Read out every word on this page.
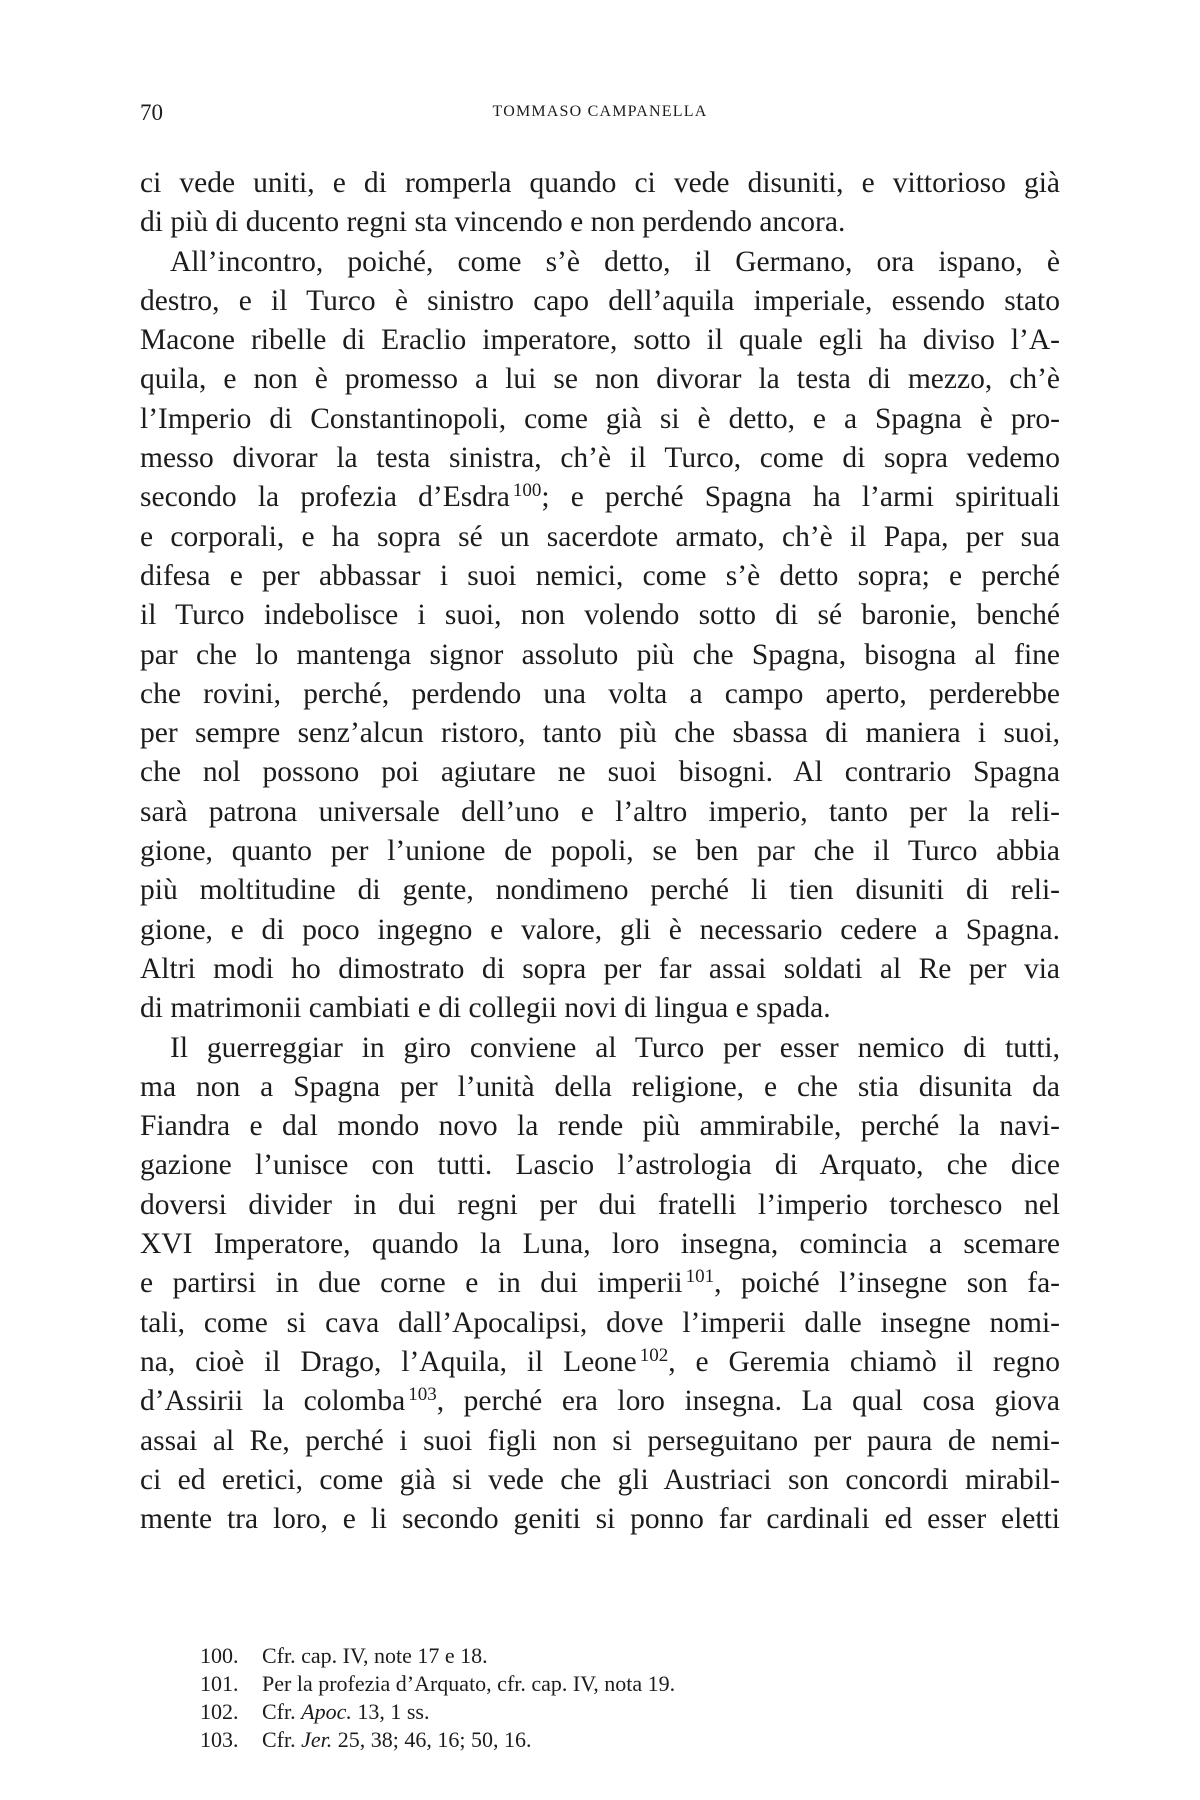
70	TOMMASO CAMPANELLA
ci vede uniti, e di romperla quando ci vede disuniti, e vittorioso già
di più di ducento regni sta vincendo e non perdendo ancora.
All’incontro, poiché, come s’è detto, il Germano, ora ispano, è
destro, e il Turco è sinistro capo dell’aquila imperiale, essendo stato
Macone ribelle di Eraclio imperatore, sotto il quale egli ha diviso l’A-
quila, e non è promesso a lui se non divorar la testa di mezzo, ch’è
l’Imperio di Constantinopoli, come già si è detto, e a Spagna è pro-
messo divorar la testa sinistra, ch’è il Turco, come di sopra vedemo
secondo la profezia d’Esdra $^{100}$; e perché Spagna ha l’armi spirituali
e corporali, e ha sopra sé un sacerdote armato, ch’è il Papa, per sua
difesa e per abbassar i suoi nemici, come s’è detto sopra; e perché
il Turco indebolisce i suoi, non volendo sotto di sé baronie, benché
par che lo mantenga signor assoluto più che Spagna, bisogna al fine
che rovini, perché, perdendo una volta a campo aperto, perderebbe
per sempre senz’alcun ristoro, tanto più che sbassa di maniera i suoi,
che nol possono poi agiutare ne suoi bisogni. Al contrario Spagna
sarà patrona universale dell’uno e l’altro imperio, tanto per la reli-
gione, quanto per l’unione de popoli, se ben par che il Turco abbia
più moltitudine di gente, nondimeno perché li tien disuniti di reli-
gione, e di poco ingegno e valore, gli è necessario cedere a Spagna.
Altri modi ho dimostrato di sopra per far assai soldati al Re per via
di matrimonii cambiati e di collegii novi di lingua e spada.
Il guerreggiar in giro conviene al Turco per esser nemico di tutti,
ma non a Spagna per l’unità della religione, e che stia disunita da
Fiandra e dal mondo novo la rende più ammirabile, perché la navi-
gazione l’unisce con tutti. Lascio l’astrologia di Arquato, che dice
doversi divider in dui regni per dui fratelli l’imperio torchesco nel
XVI Imperatore, quando la Luna, loro insegna, comincia a scemare
e partirsi in due corne e in dui imperii $^{101}$, poiché l’insegne son fa-
tali, come si cava dall’Apocalipsi, dove l’imperii dalle insegne nomi-
na, cioè il Drago, l’Aquila, il Leone $^{102}$, e Geremia chiamò il regno
d’Assirii la colomba $^{103}$, perché era loro insegna. La qual cosa giova
assai al Re, perché i suoi figli non si perseguitano per paura de nemi-
ci ed eretici, come già si vede che gli Austriaci son concordi mirabil-
mente tra loro, e li secondo geniti si ponno far cardinali ed esser eletti
100. Cfr. cap. IV, note 17 e 18.
101. Per la profezia d’Arquato, cfr. cap. IV, nota 19.
102. Cfr. Apoc. 13, 1 ss.
103. Cfr. Jer. 25, 38; 46, 16; 50, 16.
